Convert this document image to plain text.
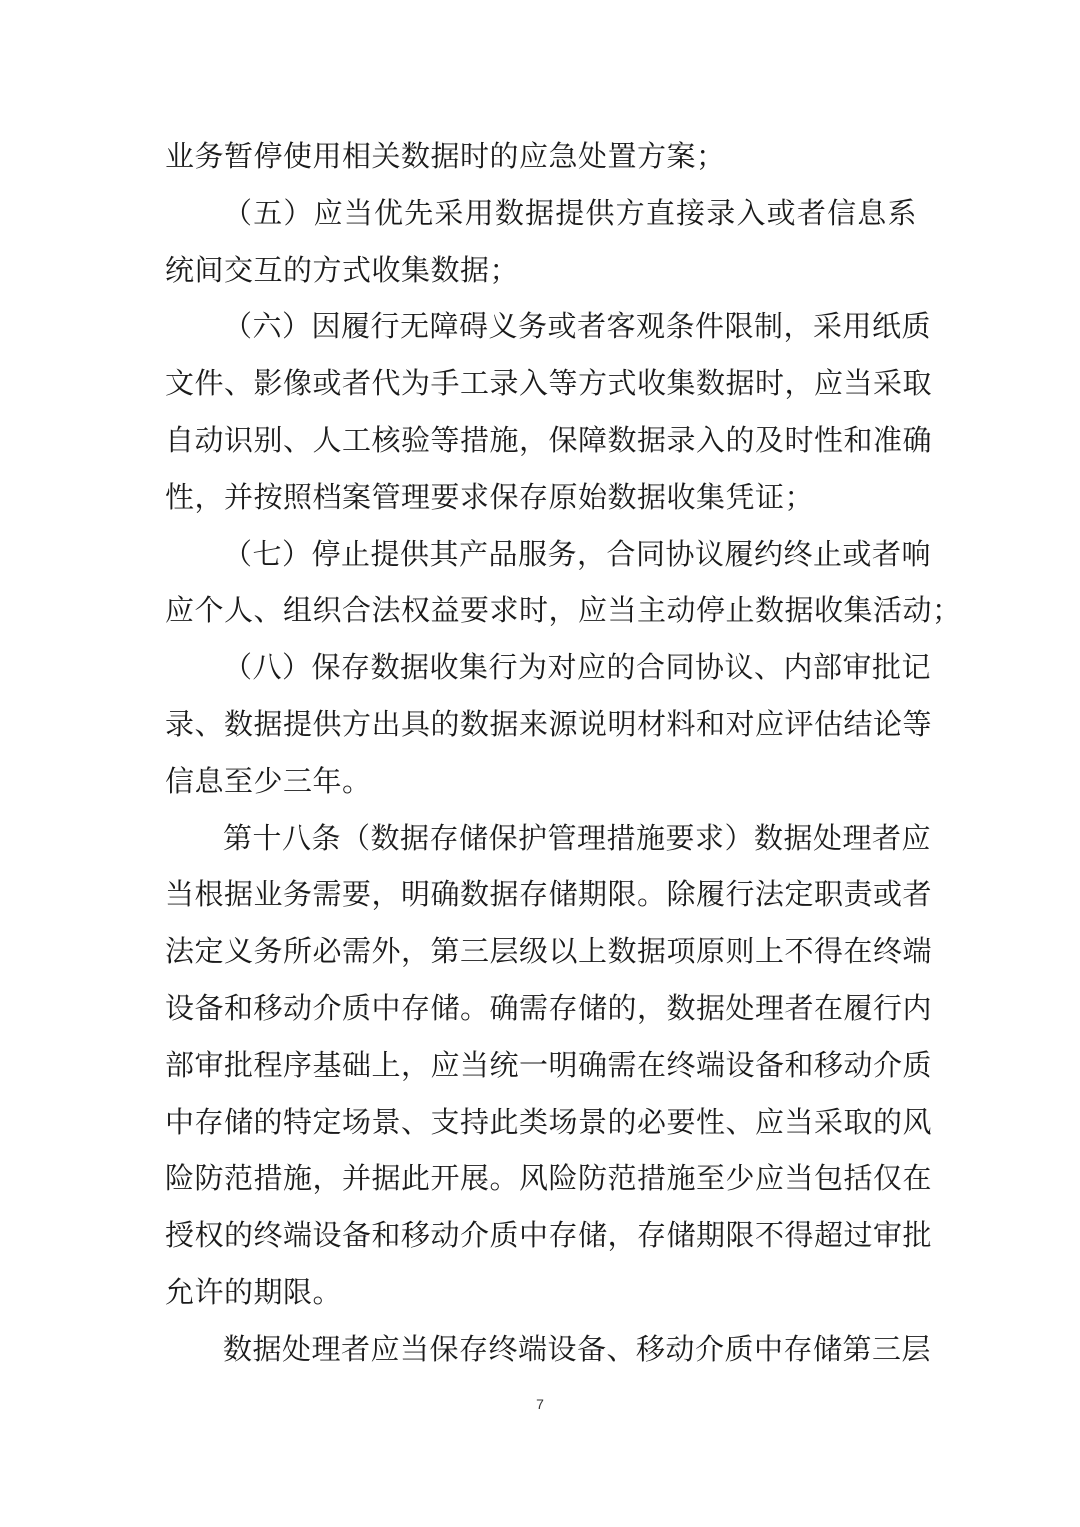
业务暂停使用相关数据时的应急处置方案；
（五）应当优先采用数据提供方直接录入或者信息系
统间交互的方式收集数据；
（六）因履行无障碍义务或者客观条件限制，采用纸质
文件、影像或者代为手工录入等方式收集数据时，应当采取
自动识别、人工核验等措施，保障数据录入的及时性和准确
性，并按照档案管理要求保存原始数据收集凭证；
（七）停止提供其产品服务，合同协议履约终止或者响
应个人、组织合法权益要求时，应当主动停止数据收集活动；
（八）保存数据收集行为对应的合同协议、内部审批记
录、数据提供方出具的数据来源说明材料和对应评估结论等
信息至少三年。
第十八条（数据存储保护管理措施要求）数据处理者应
当根据业务需要，明确数据存储期限。除履行法定职责或者
法定义务所必需外，第三层级以上数据项原则上不得在终端
设备和移动介质中存储。确需存储的，数据处理者在履行内
部审批程序基础上，应当统一明确需在终端设备和移动介质
中存储的特定场景、支持此类场景的必要性、应当采取的风
险防范措施，并据此开展。风险防范措施至少应当包括仅在
授权的终端设备和移动介质中存储，存储期限不得超过审批
允许的期限。
数据处理者应当保存终端设备、移动介质中存储第三层
7
